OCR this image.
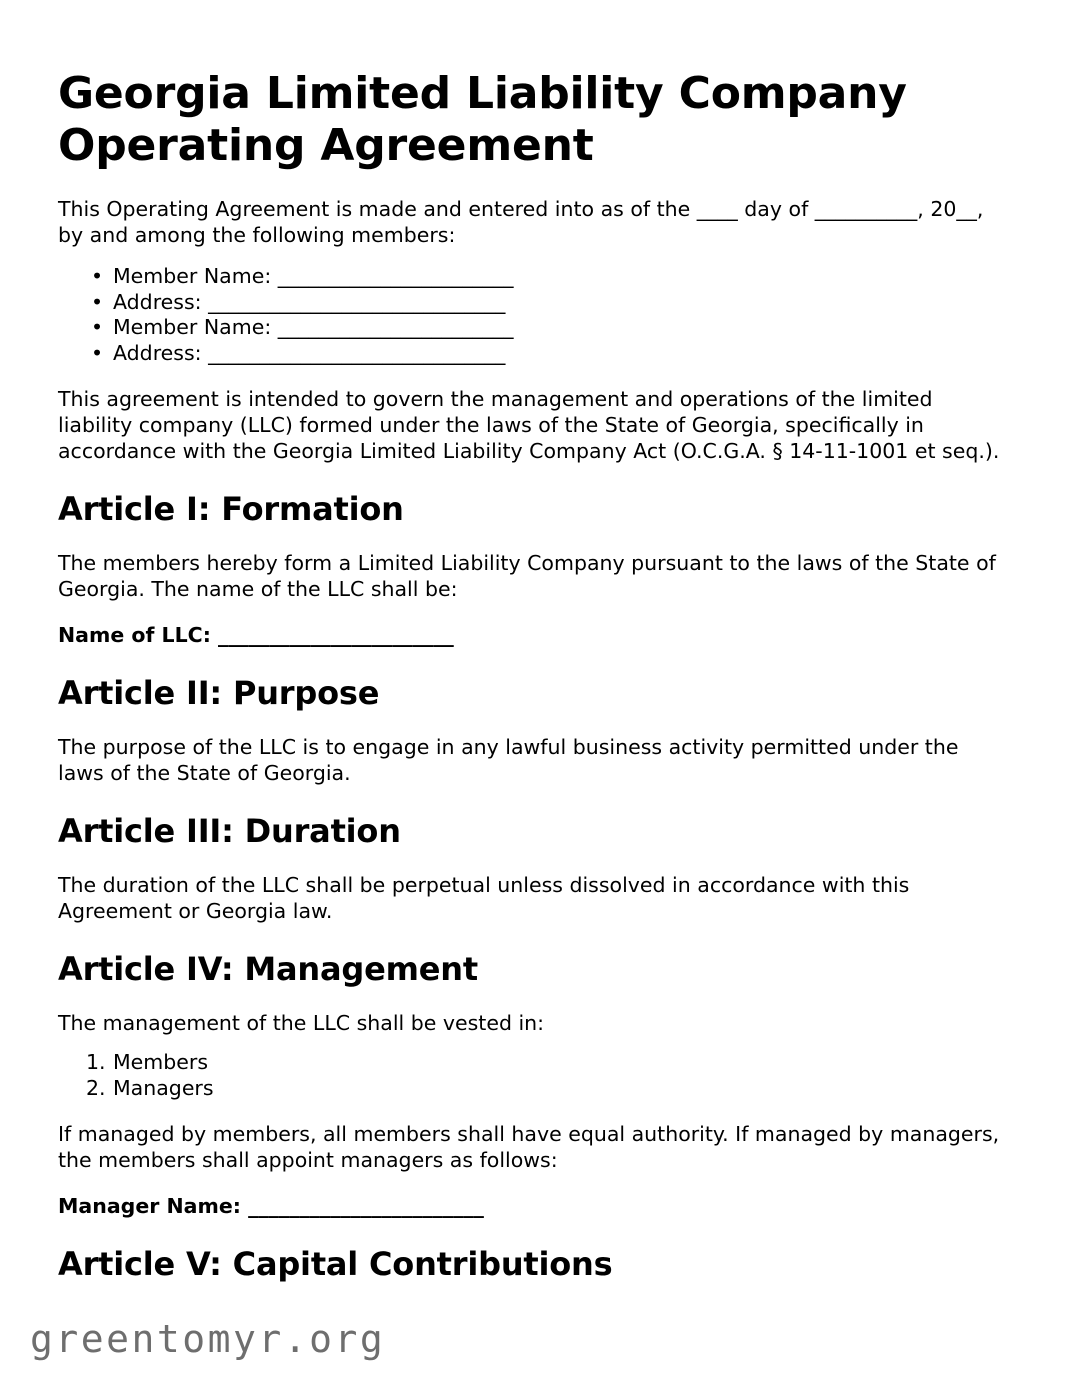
Georgia Limited Liability Company Operating Agreement

This Operating Agreement is made and entered into as of the ____ day of __________, 20__, by and among the following members:

• Member Name: _______________________
• Address: _____________________________
• Member Name: _______________________
• Address: _____________________________

This agreement is intended to govern the management and operations of the limited liability company (LLC) formed under the laws of the State of Georgia, specifically in accordance with the Georgia Limited Liability Company Act (O.C.G.A. § 14-11-1001 et seq.).

Article I: Formation

The members hereby form a Limited Liability Company pursuant to the laws of the State of Georgia. The name of the LLC shall be:

Name of LLC: _______________________

Article II: Purpose

The purpose of the LLC is to engage in any lawful business activity permitted under the laws of the State of Georgia.

Article III: Duration

The duration of the LLC shall be perpetual unless dissolved in accordance with this Agreement or Georgia law.

Article IV: Management

The management of the LLC shall be vested in:

Members
Managers

If managed by members, all members shall have equal authority. If managed by managers, the members shall appoint managers as follows:

Manager Name: _______________________

Article V: Capital Contributions
greentomyr.org
